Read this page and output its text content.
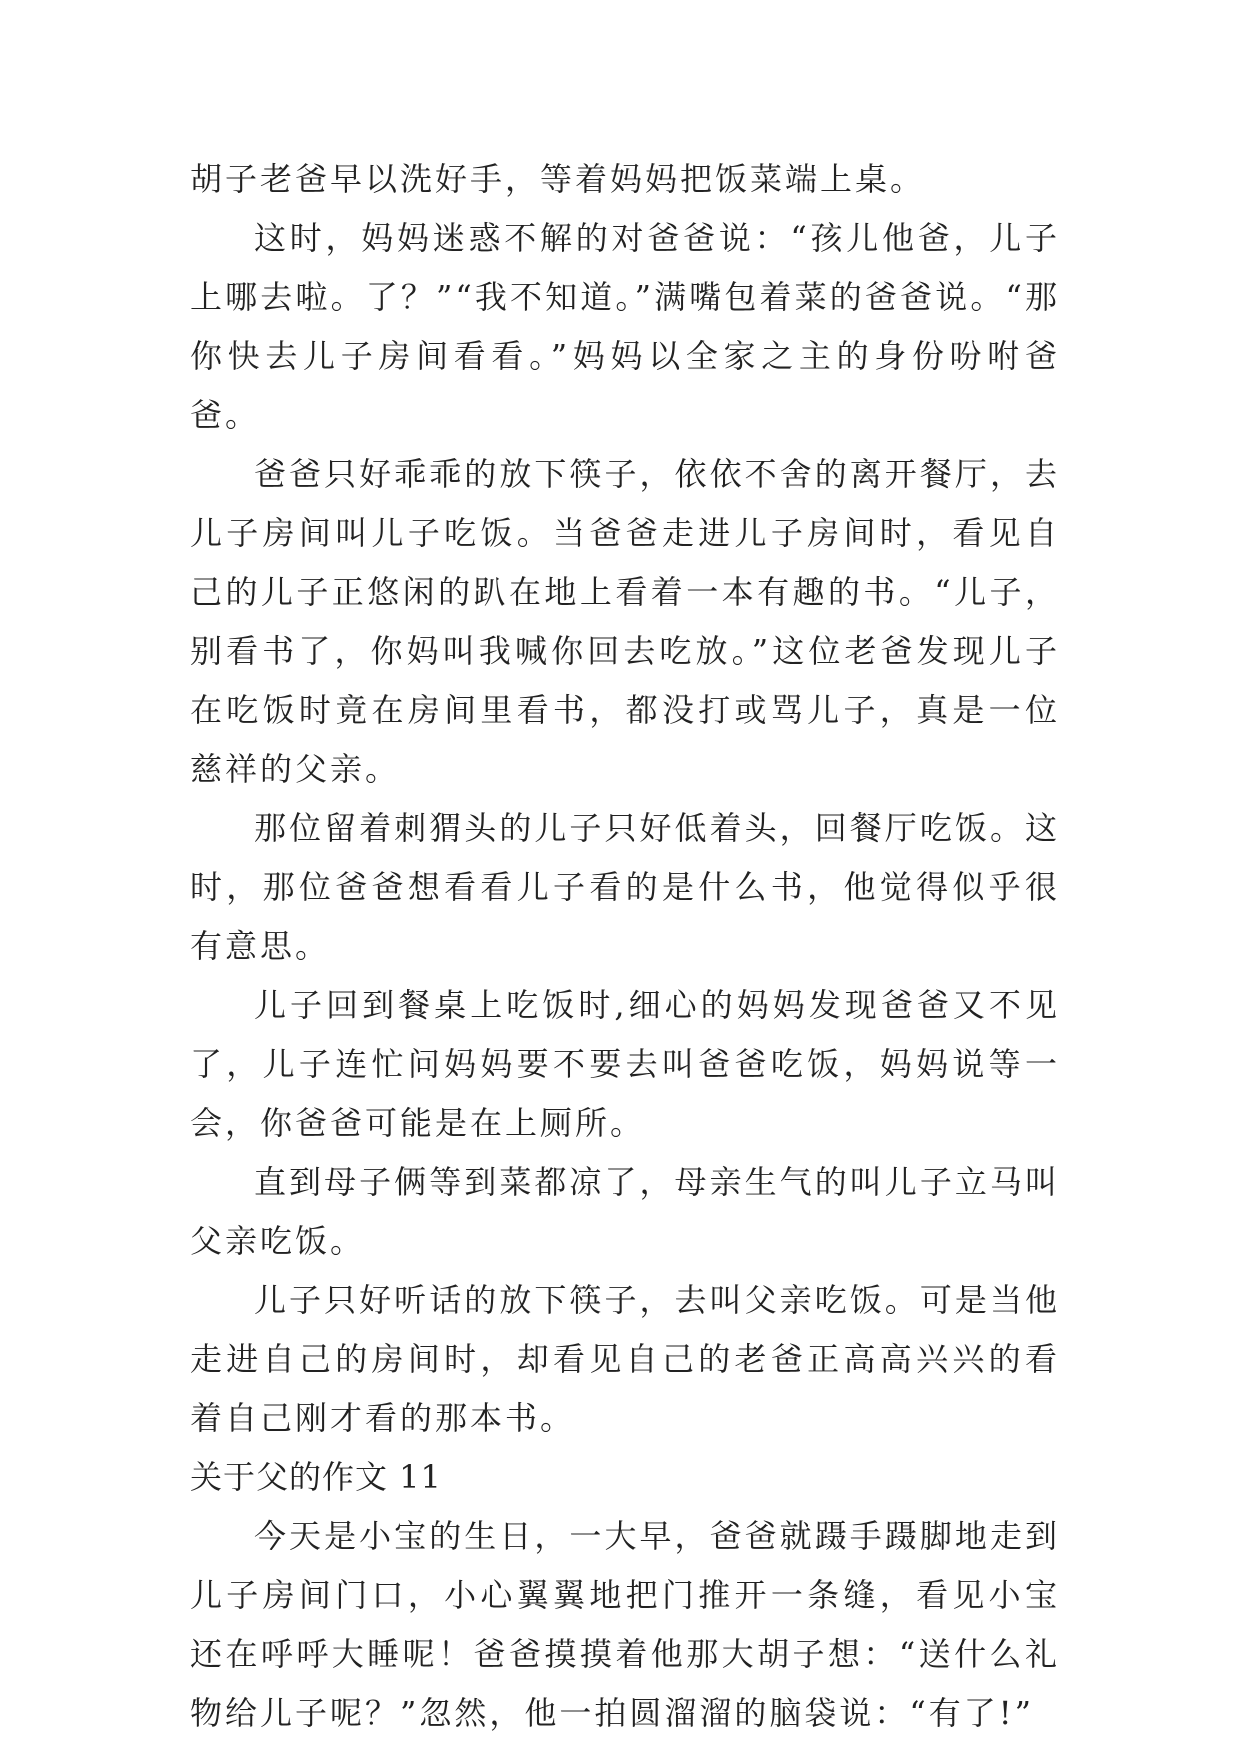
胡子老爸早以洗好手，等着妈妈把饭菜端上桌。

这时，妈妈迷惑不解的对爸爸说：“孩儿他爸，儿子上哪去啦。了？”“我不知道。”满嘴包着菜的爸爸说。“那你快去儿子房间看看。”妈妈以全家之主的身份吩咐爸爸。

爸爸只好乖乖的放下筷子，依依不舍的离开餐厅，去儿子房间叫儿子吃饭。当爸爸走进儿子房间时，看见自己的儿子正悠闲的趴在地上看着一本有趣的书。“儿子，别看书了，你妈叫我喊你回去吃放。”这位老爸发现儿子在吃饭时竟在房间里看书，都没打或骂儿子，真是一位慈祥的父亲。

那位留着刺猬头的儿子只好低着头，回餐厅吃饭。这时，那位爸爸想看看儿子看的是什么书，他觉得似乎很有意思。

儿子回到餐桌上吃饭时,细心的妈妈发现爸爸又不见了，儿子连忙问妈妈要不要去叫爸爸吃饭，妈妈说等一会，你爸爸可能是在上厕所。

直到母子俩等到菜都凉了，母亲生气的叫儿子立马叫父亲吃饭。

儿子只好听话的放下筷子，去叫父亲吃饭。可是当他走进自己的房间时，却看见自己的老爸正高高兴兴的看着自己刚才看的那本书。

关于父的作文 11

今天是小宝的生日，一大早，爸爸就蹑手蹑脚地走到儿子房间门口，小心翼翼地把门推开一条缝，看见小宝还在呼呼大睡呢！爸爸摸摸着他那大胡子想：“送什么礼物给儿子呢？”忽然，他一拍圆溜溜的脑袋说：“有了!”
